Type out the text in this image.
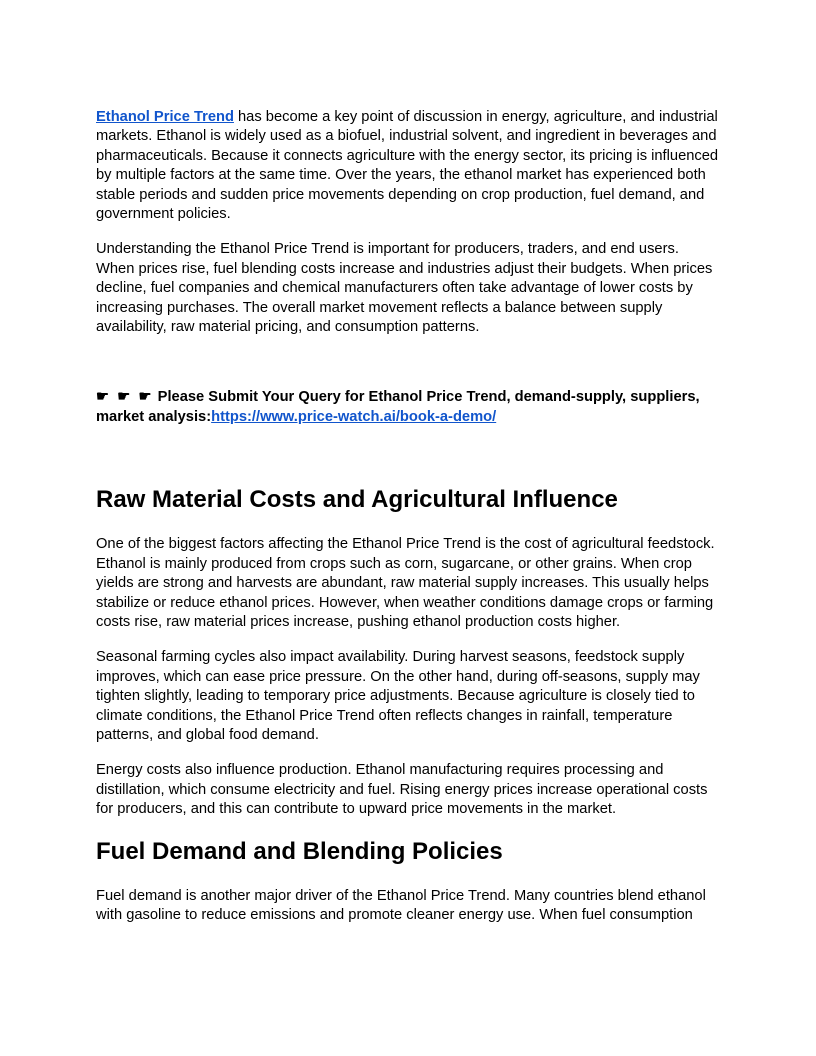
Ethanol Price Trend has become a key point of discussion in energy, agriculture, and industrial markets. Ethanol is widely used as a biofuel, industrial solvent, and ingredient in beverages and pharmaceuticals. Because it connects agriculture with the energy sector, its pricing is influenced by multiple factors at the same time. Over the years, the ethanol market has experienced both stable periods and sudden price movements depending on crop production, fuel demand, and government policies.

Understanding the Ethanol Price Trend is important for producers, traders, and end users. When prices rise, fuel blending costs increase and industries adjust their budgets. When prices decline, fuel companies and chemical manufacturers often take advantage of lower costs by increasing purchases. The overall market movement reflects a balance between supply availability, raw material pricing, and consumption patterns.

☛ ☛ ☛ Please Submit Your Query for Ethanol Price Trend, demand-supply, suppliers,
market analysis:https://www.price-watch.ai/book-a-demo/

Raw Material Costs and Agricultural Influence

One of the biggest factors affecting the Ethanol Price Trend is the cost of agricultural feedstock. Ethanol is mainly produced from crops such as corn, sugarcane, or other grains. When crop yields are strong and harvests are abundant, raw material supply increases. This usually helps stabilize or reduce ethanol prices. However, when weather conditions damage crops or farming costs rise, raw material prices increase, pushing ethanol production costs higher.

Seasonal farming cycles also impact availability. During harvest seasons, feedstock supply improves, which can ease price pressure. On the other hand, during off-seasons, supply may tighten slightly, leading to temporary price adjustments. Because agriculture is closely tied to climate conditions, the Ethanol Price Trend often reflects changes in rainfall, temperature patterns, and global food demand.

Energy costs also influence production. Ethanol manufacturing requires processing and distillation, which consume electricity and fuel. Rising energy prices increase operational costs for producers, and this can contribute to upward price movements in the market.

Fuel Demand and Blending Policies

Fuel demand is another major driver of the Ethanol Price Trend. Many countries blend ethanol with gasoline to reduce emissions and promote cleaner energy use. When fuel consumption
